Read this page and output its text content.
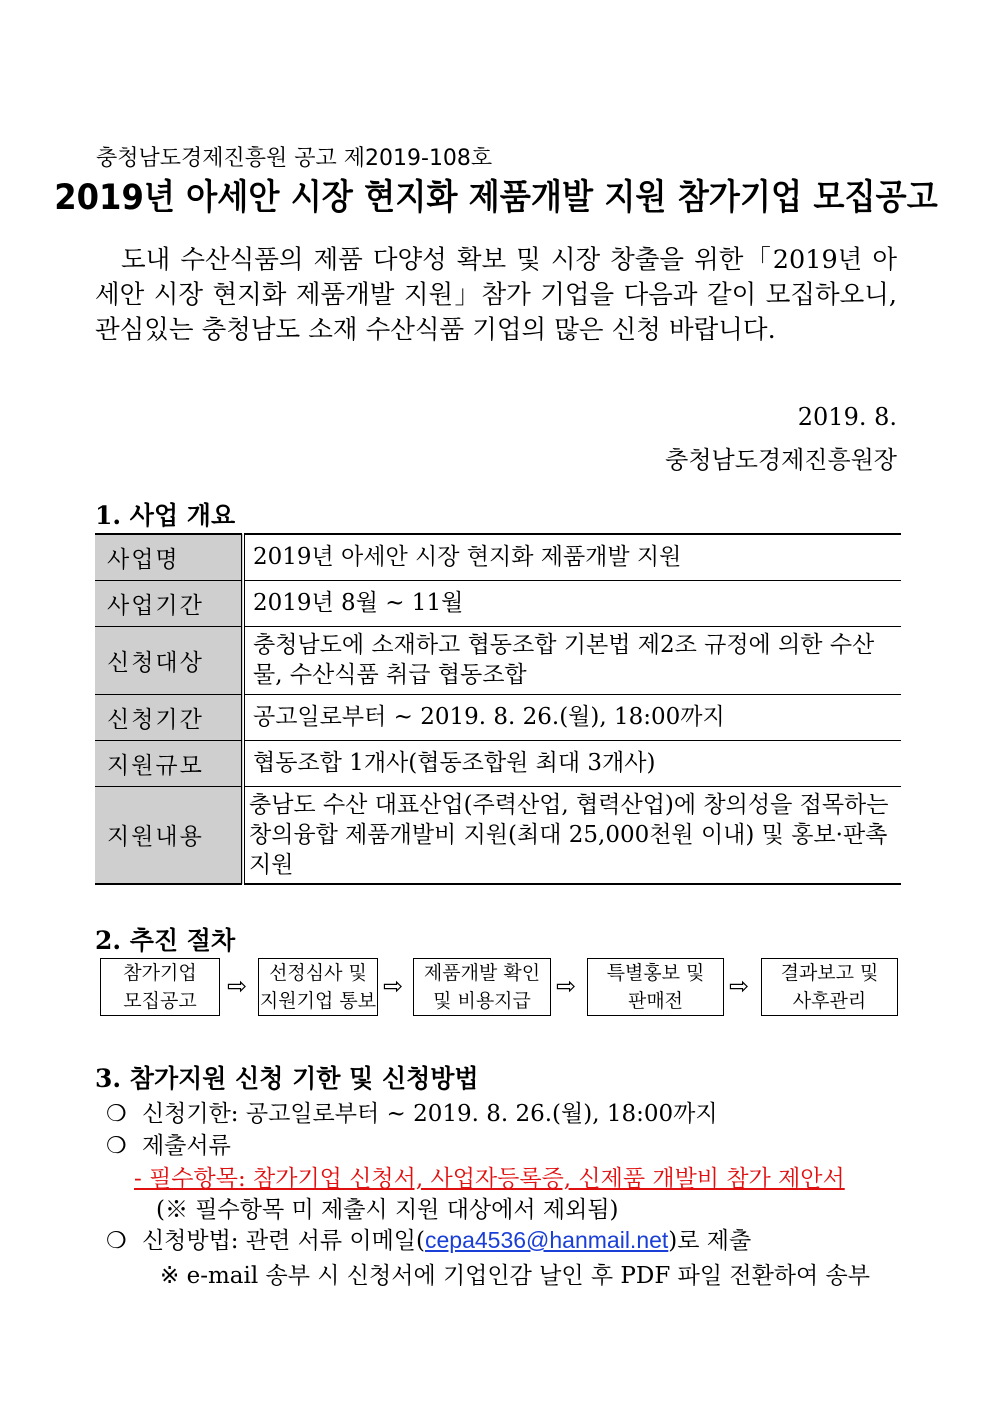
충청남도경제진흥원 공고 제2019-108호
2019년 아세안 시장 현지화 제품개발 지원 참가기업 모집공고

도내 수산식품의 제품 다양성 확보 및 시장 창출을 위한「2019년 아세안 시장 현지화 제품개발 지원」참가 기업을 다음과 같이 모집하오니, 관심있는 충청남도 소재 수산식품 기업의 많은 신청 바랍니다.

2019. 8.
충청남도경제진흥원장
1. 사업 개요
사업명	2019년 아세안 시장 현지화 제품개발 지원
사업기간	2019년 8월 ~ 11월
신청대상	충청남도에 소재하고 협동조합 기본법 제2조 규정에 의한 수산물, 수산식품 취급 협동조합
신청기간	공고일로부터 ~ 2019. 8. 26.(월), 18:00까지
지원규모	협동조합 1개사(협동조합원 최대 3개사)
지원내용	충남도 수산 대표산업(주력산업, 협력산업)에 창의성을 접목하는 창의융합 제품개발비 지원(최대 25,000천원 이내) 및 홍보·판촉 지원
2. 추진 절차
참가기업
모집공고
⇨	선정심사 및
지원기업 통보
⇨ 제품개발 확인
및 비용지급
⇨ 특별홍보 및
판매전
⇨ 결과보고 및
사후관리
3. 참가지원 신청 기한 및 신청방법
❍ 신청기한: 공고일로부터 ~ 2019. 8. 26.(월), 18:00까지
❍ 제출서류
- 필수항목: 참가기업 신청서, 사업자등록증, 신제품 개발비 참가 제안서
(※ 필수항목 미 제출시 지원 대상에서 제외됨)
❍ 신청방법: 관련 서류 이메일(cepa4536@hanmail.net)로 제출
※ e-mail 송부 시 신청서에 기업인감 날인 후 PDF 파일 전환하여 송부
